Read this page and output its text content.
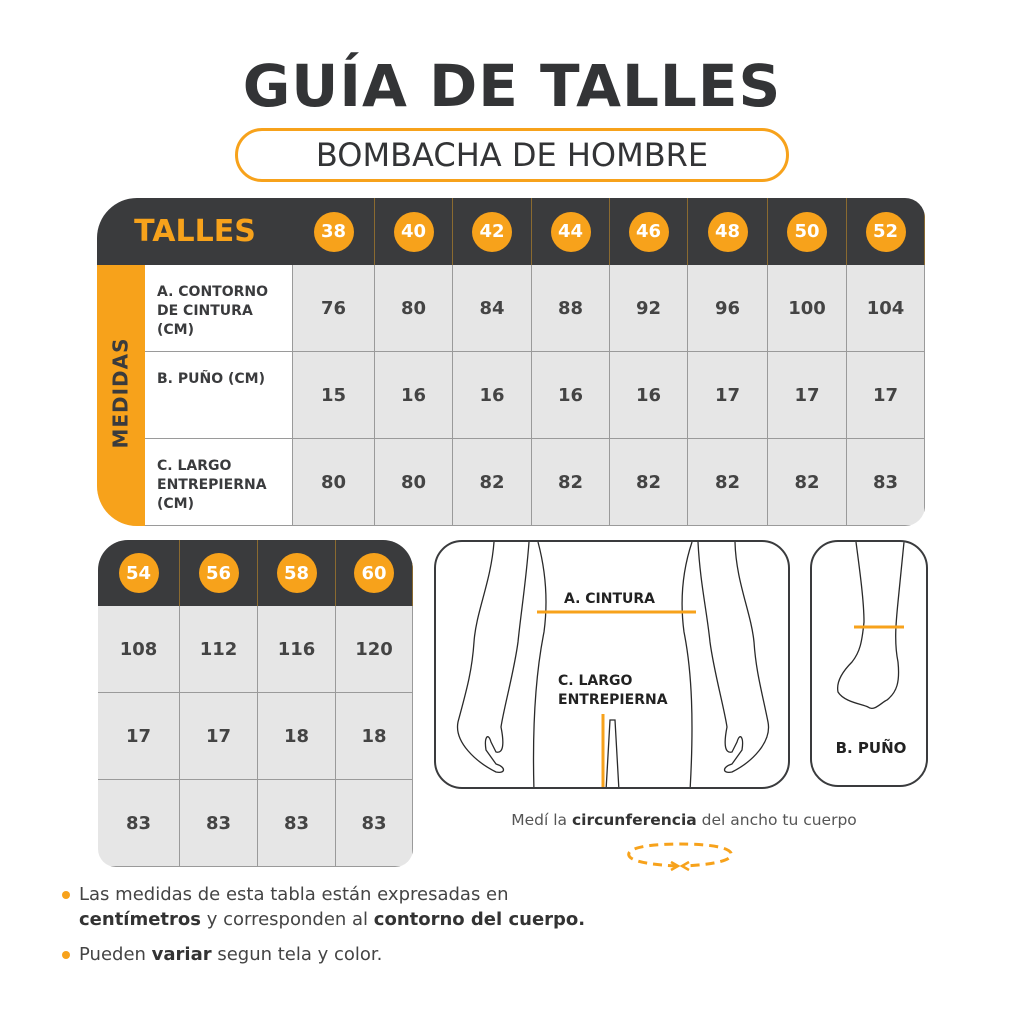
GUÍA DE TALLES
BOMBACHA DE HOMBRE
TALLES
MEDIDAS
A. CONTORNO DE CINTURA (CM)
B. PUÑO (CM)
C. LARGO ENTREPIERNA (CM)
38
76
15
80
40
80
16
80
42
84
16
82
44
88
16
82
46
92
16
82
48
96
17
82
50
100
17
82
52
104
17
83
54
108
17
83
56
112
17
83
58
116
18
83
60
120
18
83
A. CINTURA
C. LARGO
ENTREPIERNA
B. PUÑO
Medí la circunferencia del ancho tu cuerpo
Las medidas de esta tabla están expresadas en
centímetros y corresponden al contorno del cuerpo.
Pueden variar segun tela y color.
